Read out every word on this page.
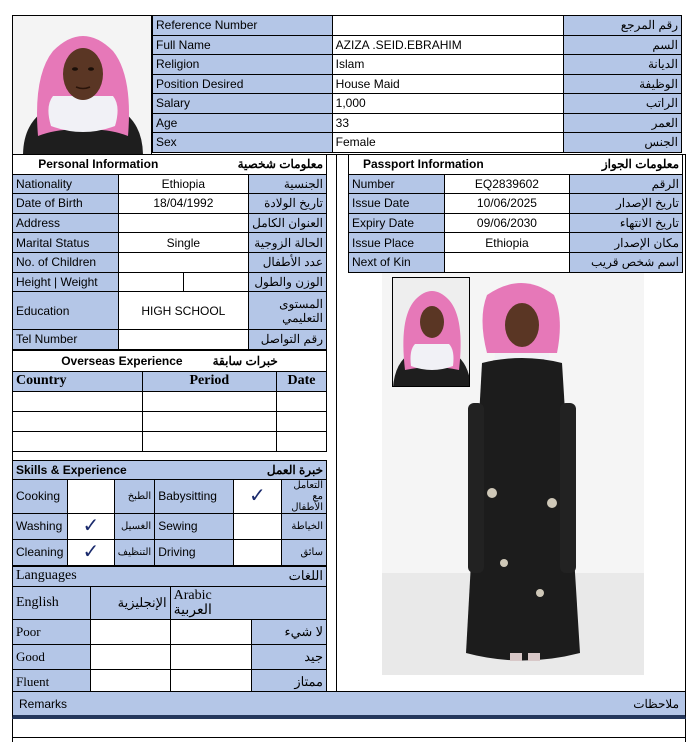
Reference Number		رقم المرجع
Full Name	AZIZA .SEID.EBRAHIM	السم
Religion	Islam	الديانة
Position Desired	House Maid	الوظيفة
Salary	1,000	الراتب
Age	33	العمر
Sex	Female	الجنس
Personal Information		معلومات شخصية	
Nationality	Ethiopia		الجنسية
Date of Birth	18/04/1992		تاريخ الولادة
Address			العنوان الكامل
Marital Status	Single		الحالة الزوجية
No. of Children			عدد الأطفال
Height | Weight			الوزن والطول
Education	HIGH SCHOOL		المستوى التعليمي
Tel Number			رقم التواصل
Overseas Experience خبرات سابقة		
Country	Period	Date

Skills & Experience			خبرة العمل		
Cooking		الطبخ	Babysitting	✓	التعامل مع الأطفال
Washing	✓	الغسيل	Sewing		الخياطة
Cleaning	✓	التنظيف	Driving		سائق
Languages		اللغات	
English	الإنجليزية	Arabic
العربية	

Poor			لا شيء
Good			جيد
Fluent			ممتاز
Passport Information		معلومات الجواز
Number	EQ2839602	الرقم
Issue Date	10/06/2025	تاريخ الإصدار
Expiry Date	09/06/2030	تاريخ الانتهاء
Issue Place	Ethiopia	مكان الإصدار
Next of Kin		اسم شخص قريب
Remarks	ملاحظات
